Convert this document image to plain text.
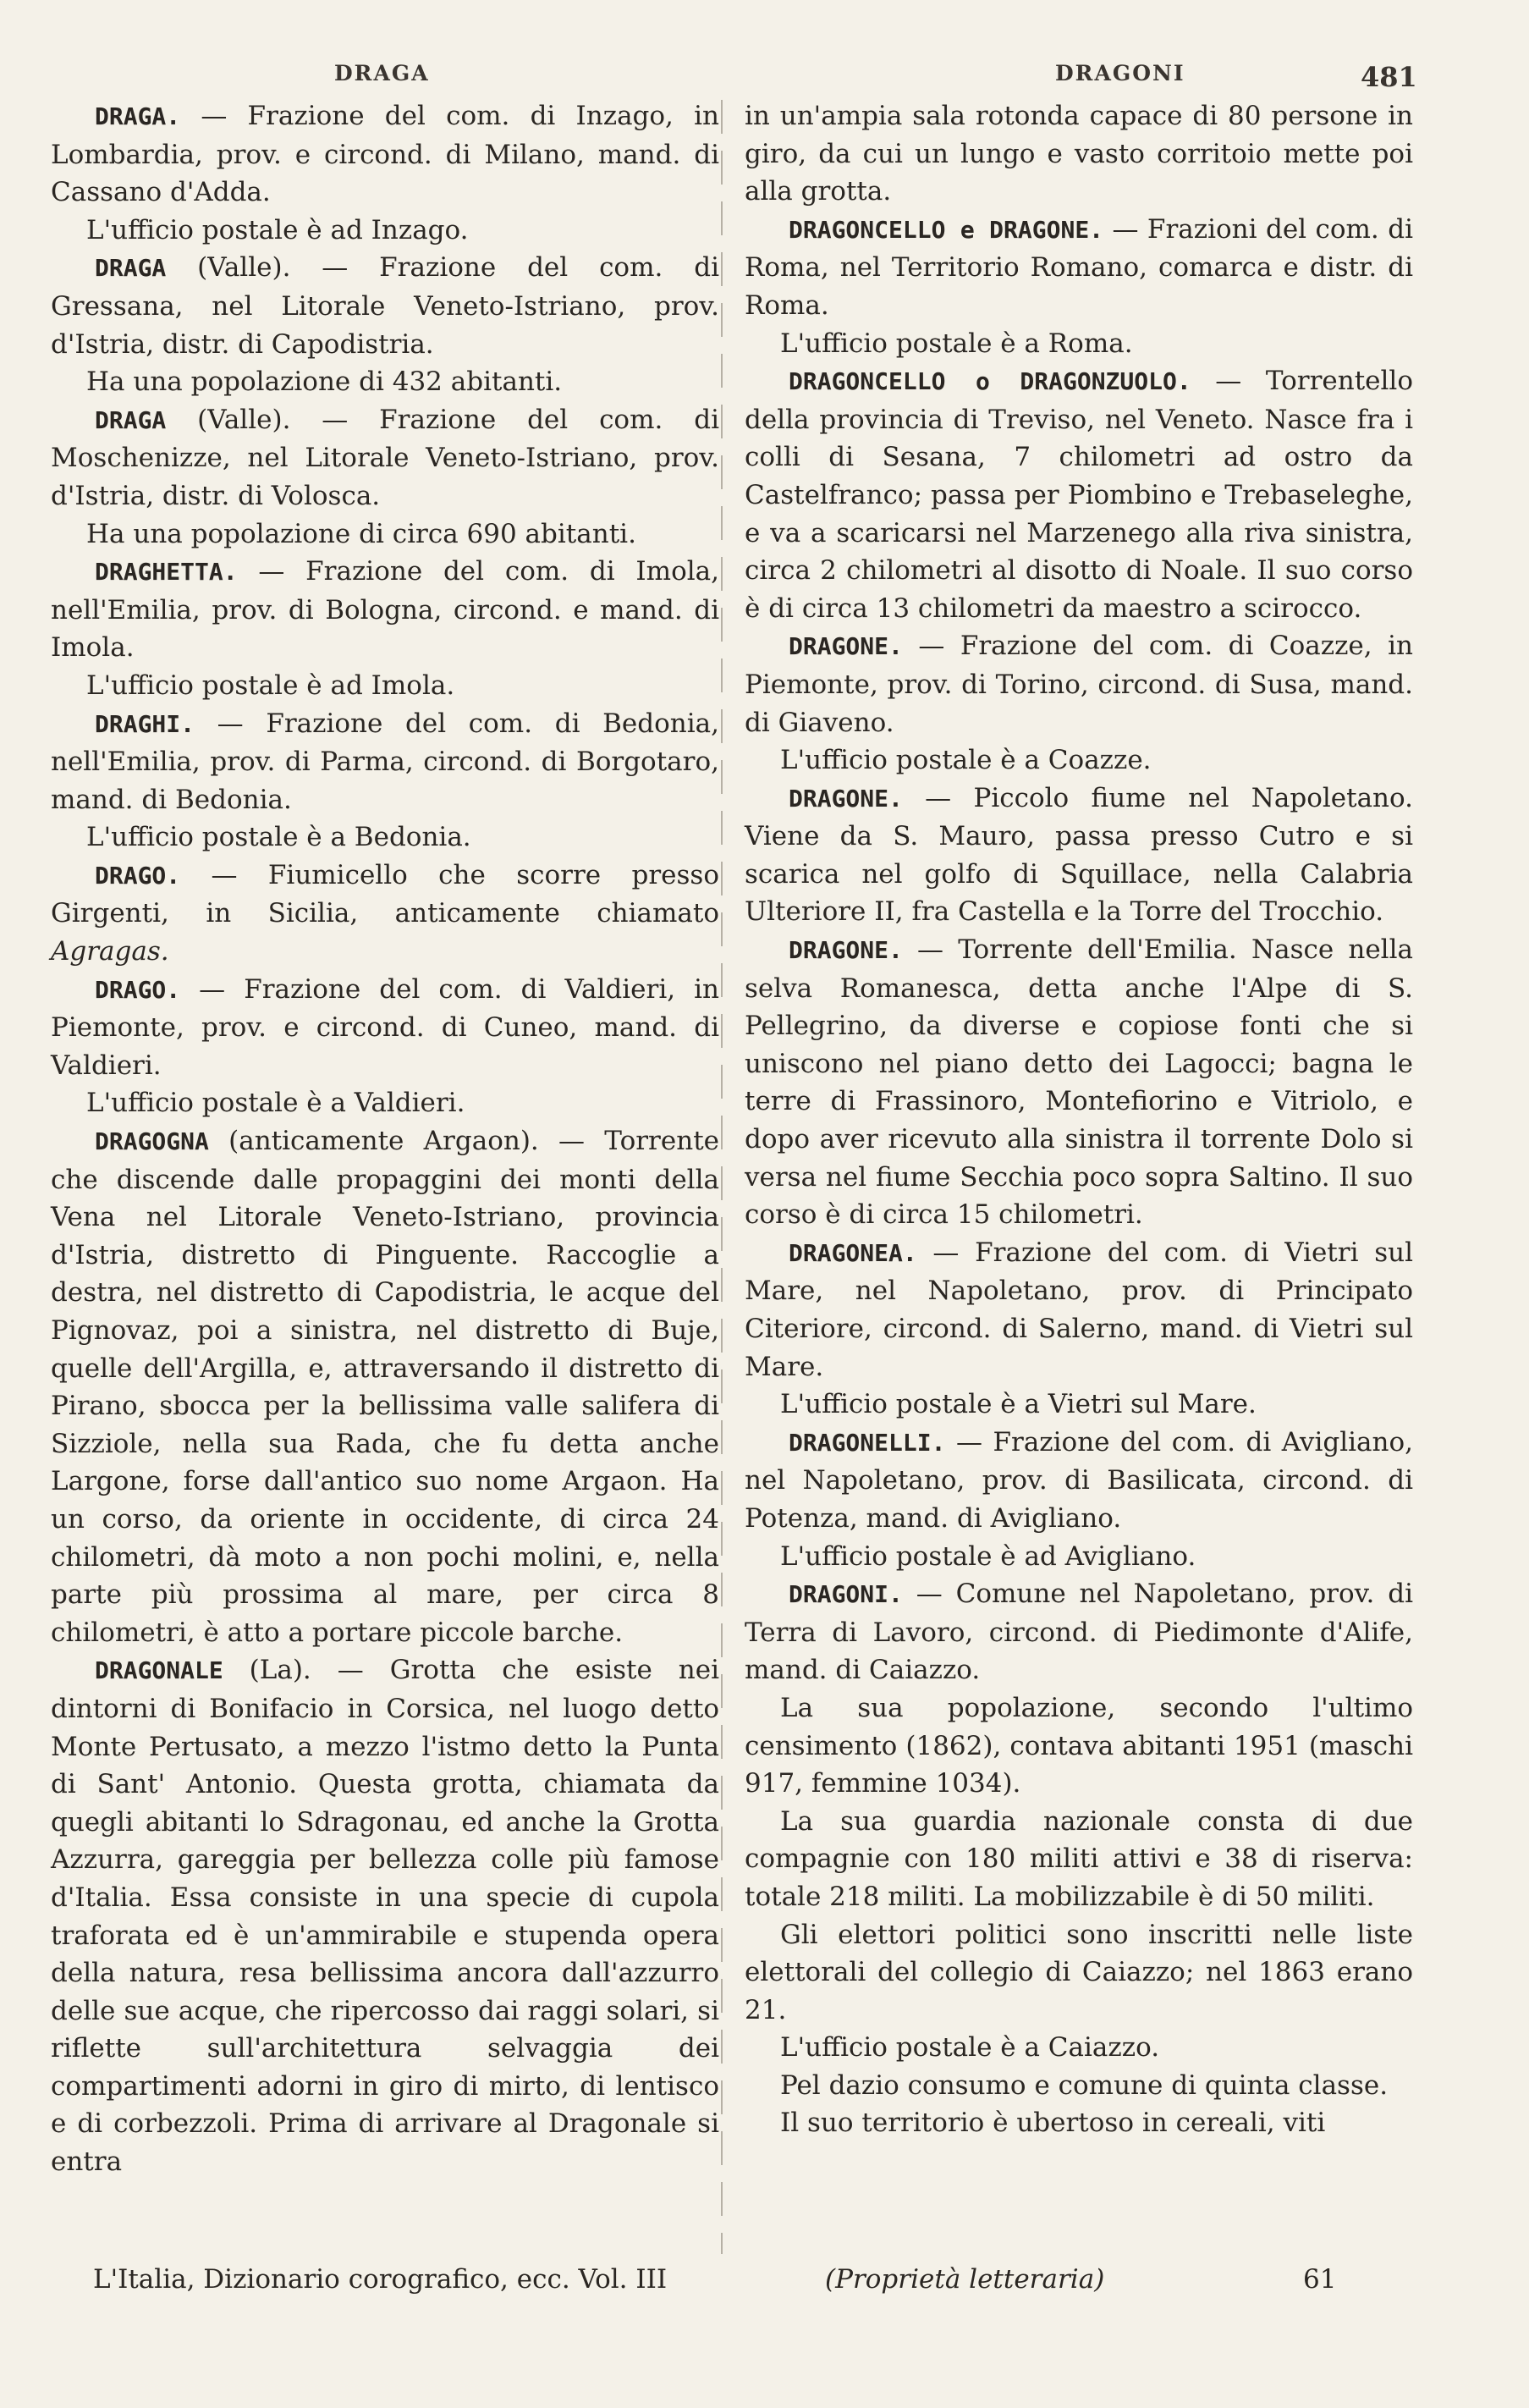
DRAGA	DRAGONI	481

DRAGA. — Frazione del com. di Inzago, in Lombardia, prov. e circond. di Milano, mand. di Cassano d'Adda.

L'ufficio postale è ad Inzago.

DRAGA (Valle). — Frazione del com. di Gressana, nel Litorale Veneto-Istriano, prov. d'Istria, distr. di Capodistria.

Ha una popolazione di 432 abitanti.

DRAGA (Valle). — Frazione del com. di Moschenizze, nel Litorale Veneto-Istriano, prov. d'Istria, distr. di Volosca.

Ha una popolazione di circa 690 abitanti.

DRAGHETTA. — Frazione del com. di Imola, nell'Emilia, prov. di Bologna, circond. e mand. di Imola.

L'ufficio postale è ad Imola.

DRAGHI. — Frazione del com. di Bedonia, nell'Emilia, prov. di Parma, circond. di Borgotaro, mand. di Bedonia.

L'ufficio postale è a Bedonia.

DRAGO. — Fiumicello che scorre presso Girgenti, in Sicilia, anticamente chiamato Agragas.

DRAGO. — Frazione del com. di Valdieri, in Piemonte, prov. e circond. di Cuneo, mand. di Valdieri.

L'ufficio postale è a Valdieri.

DRAGOGNA (anticamente Argaon). — Torrente che discende dalle propaggini dei monti della Vena nel Litorale Veneto-Istriano, provincia d'Istria, distretto di Pinguente. Raccoglie a destra, nel distretto di Capodistria, le acque del Pignovaz, poi a sinistra, nel distretto di Buje, quelle dell'Argilla, e, attraversando il distretto di Pirano, sbocca per la bellissima valle salifera di Sizziole, nella sua Rada, che fu detta anche Largone, forse dall'antico suo nome Argaon. Ha un corso, da oriente in occidente, di circa 24 chilometri, dà moto a non pochi molini, e, nella parte più prossima al mare, per circa 8 chilometri, è atto a portare piccole barche.

DRAGONALE (La). — Grotta che esiste nei dintorni di Bonifacio in Corsica, nel luogo detto Monte Pertusato, a mezzo l'istmo detto la Punta di Sant' Antonio. Questa grotta, chiamata da quegli abitanti lo Sdragonau, ed anche la Grotta Azzurra, gareggia per bellezza colle più famose d'Italia. Essa consiste in una specie di cupola traforata ed è un'ammirabile e stupenda opera della natura, resa bellissima ancora dall'azzurro delle sue acque, che ripercosso dai raggi solari, si riflette sull'architettura selvaggia dei compartimenti adorni in giro di mirto, di lentisco e di corbezzoli. Prima di arrivare al Dragonale si entra

in un'ampia sala rotonda capace di 80 persone in giro, da cui un lungo e vasto corritoio mette poi alla grotta.

DRAGONCELLO e DRAGONE. — Frazioni del com. di Roma, nel Territorio Romano, comarca e distr. di Roma.

L'ufficio postale è a Roma.

DRAGONCELLO o DRAGONZUOLO. — Torrentello della provincia di Treviso, nel Veneto. Nasce fra i colli di Sesana, 7 chilometri ad ostro da Castelfranco; passa per Piombino e Trebaseleghe, e va a scaricarsi nel Marzenego alla riva sinistra, circa 2 chilometri al disotto di Noale. Il suo corso è di circa 13 chilometri da maestro a scirocco.

DRAGONE. — Frazione del com. di Coazze, in Piemonte, prov. di Torino, circond. di Susa, mand. di Giaveno.

L'ufficio postale è a Coazze.

DRAGONE. — Piccolo fiume nel Napoletano. Viene da S. Mauro, passa presso Cutro e si scarica nel golfo di Squillace, nella Calabria Ulteriore II, fra Castella e la Torre del Trocchio.

DRAGONE. — Torrente dell'Emilia. Nasce nella selva Romanesca, detta anche l'Alpe di S. Pellegrino, da diverse e copiose fonti che si uniscono nel piano detto dei Lagocci; bagna le terre di Frassinoro, Montefiorino e Vitriolo, e dopo aver ricevuto alla sinistra il torrente Dolo si versa nel fiume Secchia poco sopra Saltino. Il suo corso è di circa 15 chilometri.

DRAGONEA. — Frazione del com. di Vietri sul Mare, nel Napoletano, prov. di Principato Citeriore, circond. di Salerno, mand. di Vietri sul Mare.

L'ufficio postale è a Vietri sul Mare.

DRAGONELLI. — Frazione del com. di Avigliano, nel Napoletano, prov. di Basilicata, circond. di Potenza, mand. di Avigliano.

L'ufficio postale è ad Avigliano.

DRAGONI. — Comune nel Napoletano, prov. di Terra di Lavoro, circond. di Piedimonte d'Alife, mand. di Caiazzo.

La sua popolazione, secondo l'ultimo censimento (1862), contava abitanti 1951 (maschi 917, femmine 1034).

La sua guardia nazionale consta di due compagnie con 180 militi attivi e 38 di riserva: totale 218 militi. La mobilizzabile è di 50 militi.

Gli elettori politici sono inscritti nelle liste elettorali del collegio di Caiazzo; nel 1863 erano 21.

L'ufficio postale è a Caiazzo.

Pel dazio consumo e comune di quinta classe.

Il suo territorio è ubertoso in cereali, viti

L'Italia, Dizionario corografico, ecc. Vol. III	(Proprietà letteraria)	61
